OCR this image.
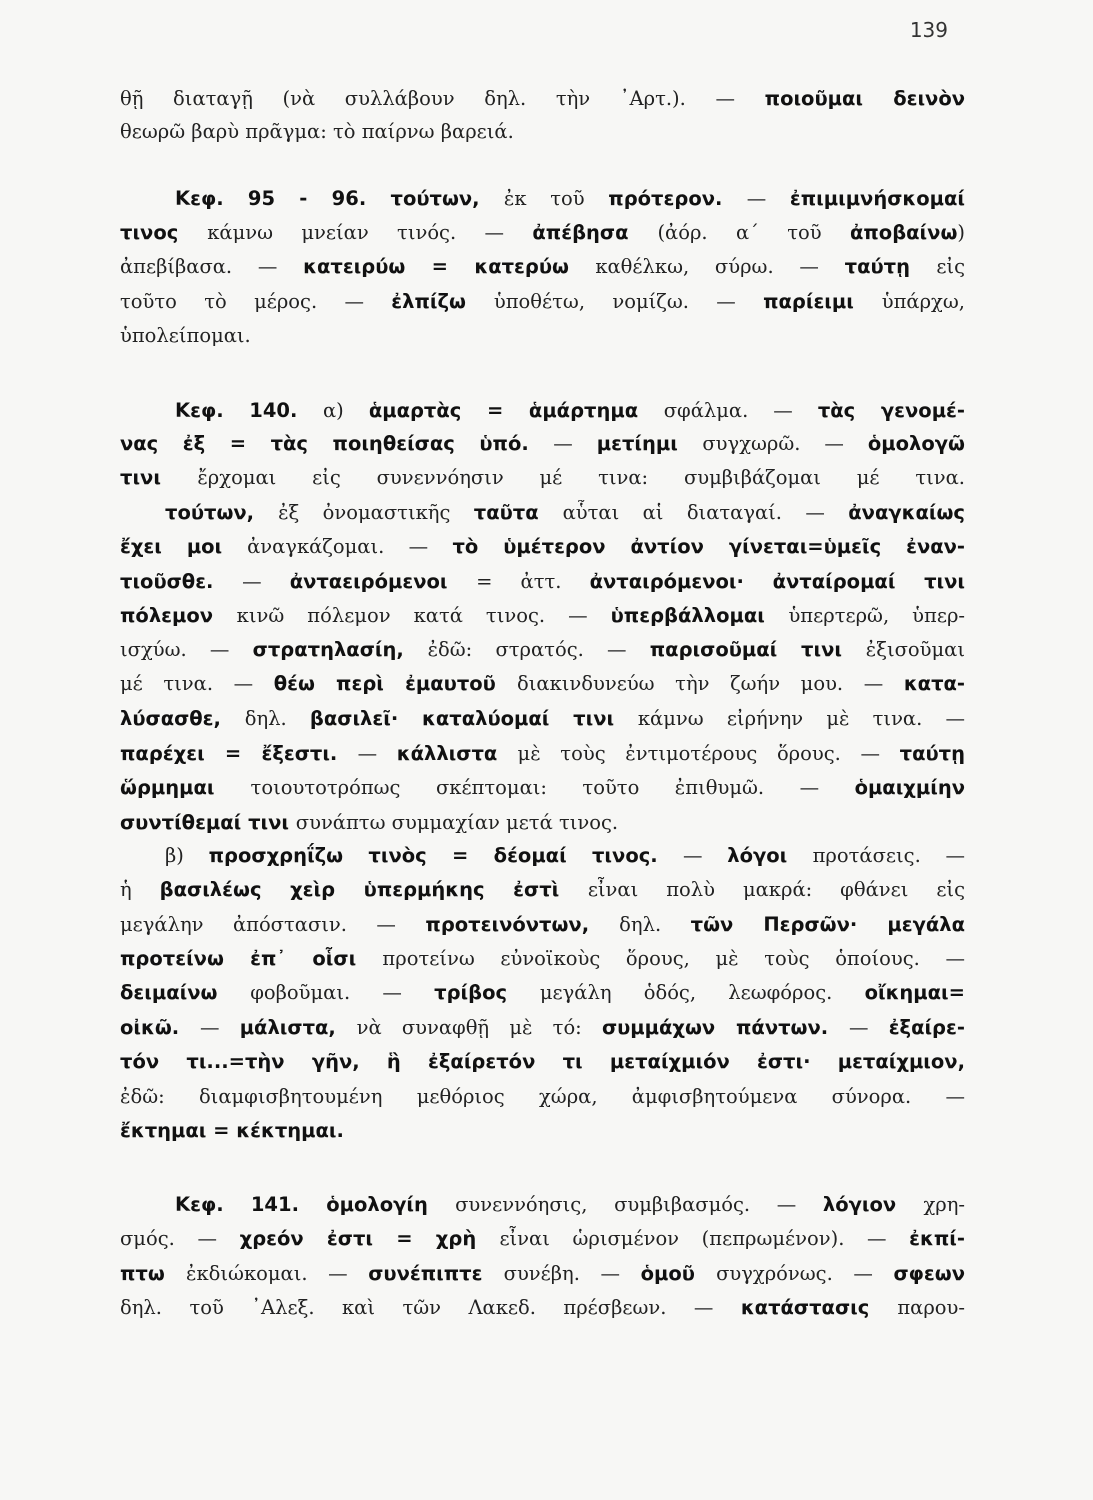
139
θῇ διαταγῇ (νὰ συλλάβουν δηλ. τὴν ᾿Αρτ.). — ποιοῦμαι δεινὸν
θεωρῶ βαρὺ πρᾶγμα: τὸ παίρνω βαρειά.
Κεφ. 95 - 96. τούτων, ἐκ τοῦ πρότερον. — ἐπιμιμνήσκομαί
τινος κάμνω μνείαν τινός. — ἀπέβησα (ἀόρ. α΄ τοῦ ἀποβαίνω)
ἀπεβίβασα. — κατειρύω = κατερύω καθέλκω, σύρω. — ταύτῃ εἰς
τοῦτο τὸ μέρος. — ἐλπίζω ὑποθέτω, νομίζω. — παρίειμι ὑπάρχω,
ὑπολείπομαι.
Κεφ. 140. α) ἁμαρτὰς = ἁμάρτημα σφάλμα. — τὰς γενομέ-
νας ἐξ = τὰς ποιηθείσας ὑπό. — μετίημι συγχωρῶ. — ὁμολογῶ
τινι ἔρχομαι εἰς συνεννόησιν μέ τινα: συμβιβάζομαι μέ τινα.
τούτων, ἐξ ὀνομαστικῆς ταῦτα αὗται αἱ διαταγαί. — ἀναγκαίως
ἔχει μοι ἀναγκάζομαι. — τὸ ὑμέτερον ἀντίον γίνεται=ὑμεῖς ἐναν-
τιοῦσθε. — ἀνταειρόμενοι = ἀττ. ἀνταιρόμενοι· ἀνταίρομαί τινι
πόλεμον κινῶ πόλεμον κατά τινος. — ὑπερβάλλομαι ὑπερτερῶ, ὑπερ-
ισχύω. — στρατηλασίη, ἐδῶ: στρατός. — παρισοῦμαί τινι ἐξισοῦμαι
μέ τινα. — θέω περὶ ἐμαυτοῦ διακινδυνεύω τὴν ζωήν μου. — κατα-
λύσασθε, δηλ. βασιλεῖ· καταλύομαί τινι κάμνω εἰρήνην μὲ τινα. —
παρέχει = ἔξεστι. — κάλλιστα μὲ τοὺς ἐντιμοτέρους ὅρους. — ταύτῃ
ὥρμημαι τοιουτοτρόπως σκέπτομαι: τοῦτο ἐπιθυμῶ. — ὁμαιχμίην
συντίθεμαί τινι συνάπτω συμμαχίαν μετά τινος.
β) προσχρηΐζω τινὸς = δέομαί τινος. — λόγοι προτάσεις. —
ἡ βασιλέως χεὶρ ὑπερμήκης ἐστὶ εἶναι πολὺ μακρά: φθάνει εἰς
μεγάλην ἀπόστασιν. — προτεινόντων, δηλ. τῶν Περσῶν· μεγάλα
προτείνω ἐπ᾿ οἷσι προτείνω εὐνοϊκοὺς ὅρους, μὲ τοὺς ὁποίους. —
δειμαίνω φοβοῦμαι. — τρίβος μεγάλη ὁδός, λεωφόρος. οἴκημαι=
οἰκῶ. — μάλιστα, νὰ συναφθῇ μὲ τό: συμμάχων πάντων. — ἐξαίρε-
τόν τι...=τὴν γῆν, ἣ ἐξαίρετόν τι μεταίχμιόν ἐστι· μεταίχμιον,
ἐδῶ: διαμφισβητουμένη μεθόριος χώρα, ἀμφισβητούμενα σύνορα. —
ἔκτημαι = κέκτημαι.
Κεφ. 141. ὁμολογίη συνεννόησις, συμβιβασμός. — λόγιον χρη-
σμός. — χρεόν ἐστι = χρὴ εἶναι ὡρισμένον (πεπρωμένον). — ἐκπί-
πτω ἐκδιώκομαι. — συνέπιπτε συνέβη. — ὁμοῦ συγχρόνως. — σφεων
δηλ. τοῦ ᾿Αλεξ. καὶ τῶν Λακεδ. πρέσβεων. — κατάστασις παρου-
